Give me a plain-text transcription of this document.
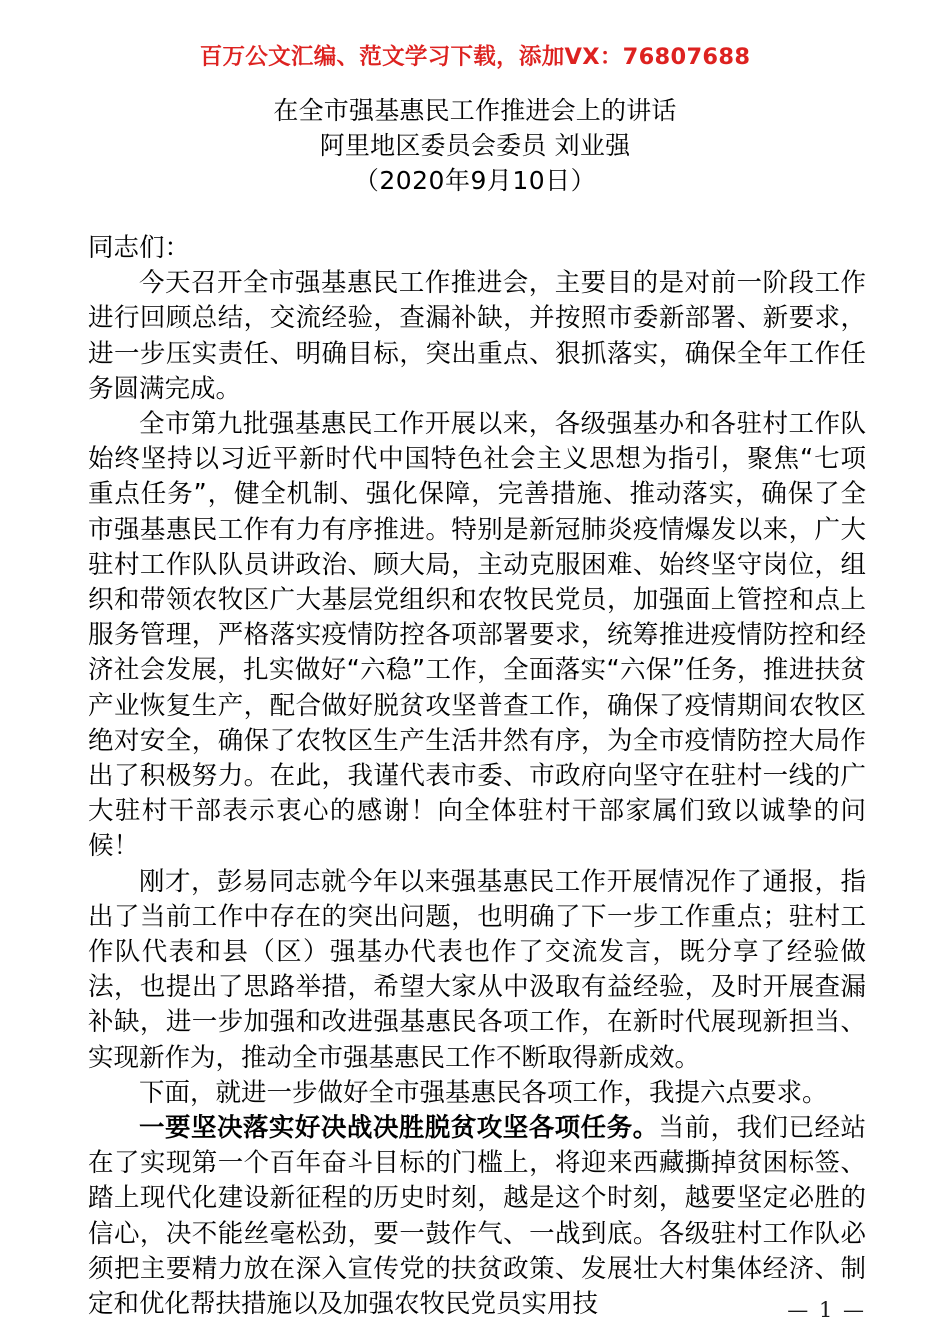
百万公文汇编、范文学习下载，添加VX：76807688
在全市强基惠民工作推进会上的讲话
阿里地区委员会委员 刘业强
（2020年9月10日）

同志们：

今天召开全市强基惠民工作推进会，主要目的是对前一阶段工作进行回顾总结，交流经验，查漏补缺，并按照市委新部署、新要求，进一步压实责任、明确目标，突出重点、狠抓落实，确保全年工作任务圆满完成。

全市第九批强基惠民工作开展以来，各级强基办和各驻村工作队始终坚持以习近平新时代中国特色社会主义思想为指引，聚焦“七项重点任务”，健全机制、强化保障，完善措施、推动落实，确保了全市强基惠民工作有力有序推进。特别是新冠肺炎疫情爆发以来，广大驻村工作队队员讲政治、顾大局，主动克服困难、始终坚守岗位，组织和带领农牧区广大基层党组织和农牧民党员，加强面上管控和点上服务管理，严格落实疫情防控各项部署要求，统筹推进疫情防控和经济社会发展，扎实做好“六稳”工作，全面落实“六保”任务，推进扶贫产业恢复生产，配合做好脱贫攻坚普查工作，确保了疫情期间农牧区绝对安全，确保了农牧区生产生活井然有序，为全市疫情防控大局作出了积极努力。在此，我谨代表市委、市政府向坚守在驻村一线的广大驻村干部表示衷心的感谢！向全体驻村干部家属们致以诚挚的问候！

刚才，彭易同志就今年以来强基惠民工作开展情况作了通报，指出了当前工作中存在的突出问题，也明确了下一步工作重点；驻村工作队代表和县（区）强基办代表也作了交流发言，既分享了经验做法，也提出了思路举措，希望大家从中汲取有益经验，及时开展查漏补缺，进一步加强和改进强基惠民各项工作，在新时代展现新担当、实现新作为，推动全市强基惠民工作不断取得新成效。

下面，就进一步做好全市强基惠民各项工作，我提六点要求。

一要坚决落实好决战决胜脱贫攻坚各项任务。当前，我们已经站在了实现第一个百年奋斗目标的门槛上，将迎来西藏撕掉贫困标签、踏上现代化建设新征程的历史时刻，越是这个时刻，越要坚定必胜的信心，决不能丝毫松劲，要一鼓作气、一战到底。各级驻村工作队必须把主要精力放在深入宣传党的扶贫政策、发展壮大村集体经济、制定和优化帮扶措施以及加强农牧民党员实用技	— 1 —
